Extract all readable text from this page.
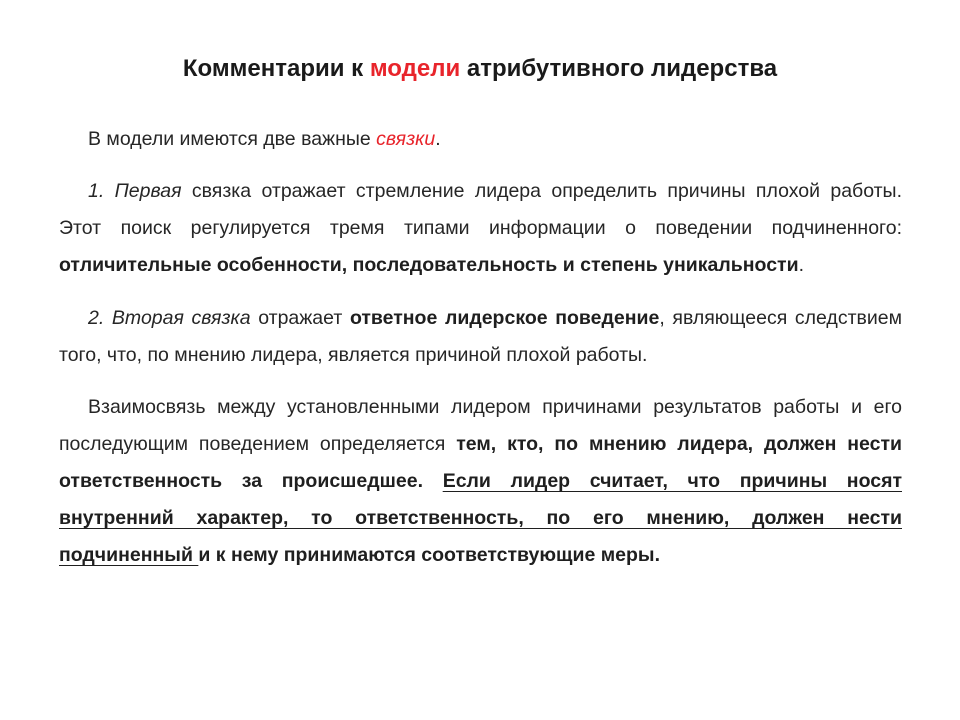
Комментарии к модели атрибутивного лидерства

В модели имеются две важные связки.

1. Первая связка отражает стремление лидера определить причины плохой работы. Этот поиск регулируется тремя типами информации о поведении подчиненного: отличительные особенности, последовательность и степень уникальности.

2. Вторая связка отражает ответное лидерское поведение, являющееся следствием того, что, по мнению лидера, является причиной плохой работы.

Взаимосвязь между установленными лидером причинами результатов работы и его последующим поведением определяется тем, кто, по мнению лидера, должен нести ответственность за происшедшее. Если лидер считает, что причины носят внутренний характер, то ответственность, по его мнению, должен нести подчиненный и к нему принимаются соответствующие меры.
